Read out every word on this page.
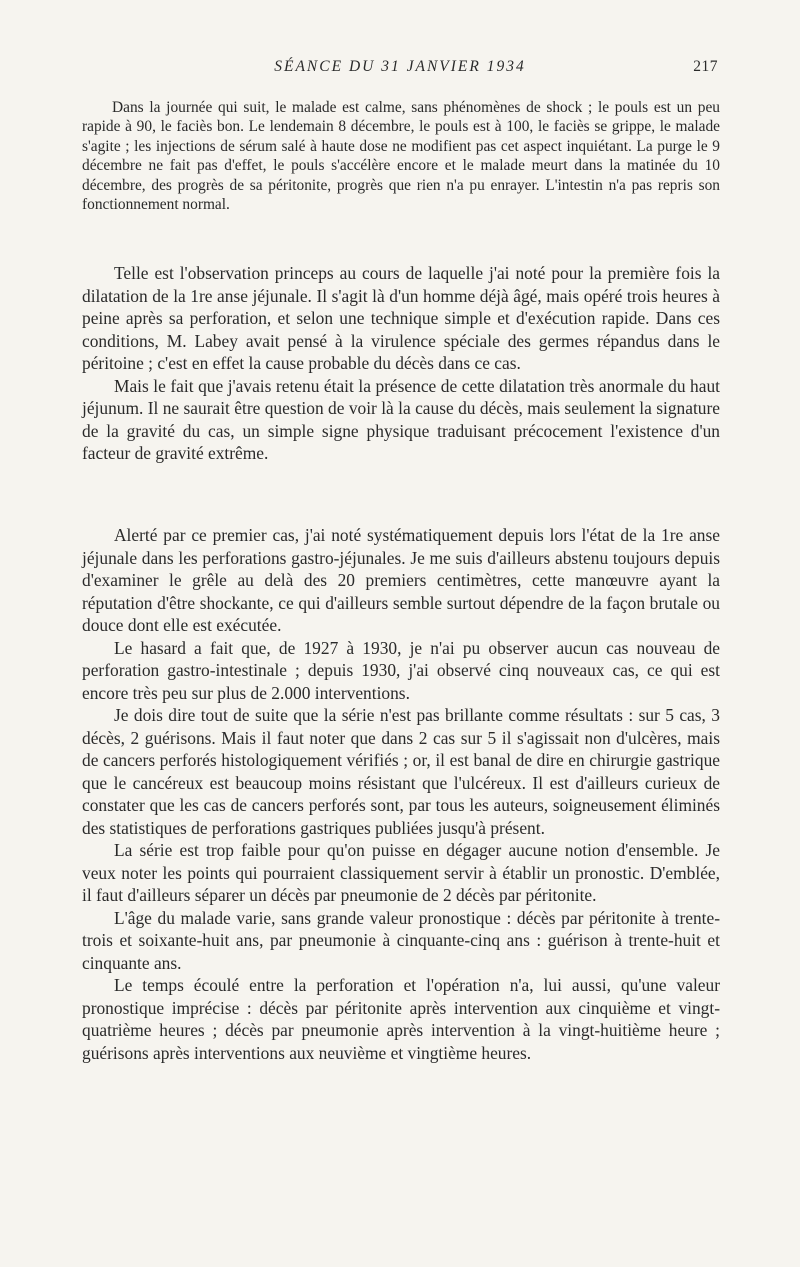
SÉANCE DU 31 JANVIER 1934	217

Dans la journée qui suit, le malade est calme, sans phénomènes de shock ; le pouls est un peu rapide à 90, le faciès bon. Le lendemain 8 décembre, le pouls est à 100, le faciès se grippe, le malade s'agite ; les injections de sérum salé à haute dose ne modifient pas cet aspect inquiétant. La purge le 9 décembre ne fait pas d'effet, le pouls s'accélère encore et le malade meurt dans la matinée du 10 décembre, des progrès de sa péritonite, progrès que rien n'a pu enrayer. L'intestin n'a pas repris son fonctionnement normal.

Telle est l'observation princeps au cours de laquelle j'ai noté pour la première fois la dilatation de la 1re anse jéjunale. Il s'agit là d'un homme déjà âgé, mais opéré trois heures à peine après sa perforation, et selon une technique simple et d'exécution rapide. Dans ces conditions, M. Labey avait pensé à la virulence spéciale des germes répandus dans le péritoine ; c'est en effet la cause probable du décès dans ce cas.

Mais le fait que j'avais retenu était la présence de cette dilatation très anormale du haut jéjunum. Il ne saurait être question de voir là la cause du décès, mais seulement la signature de la gravité du cas, un simple signe physique traduisant précocement l'existence d'un facteur de gravité extrême.

Alerté par ce premier cas, j'ai noté systématiquement depuis lors l'état de la 1re anse jéjunale dans les perforations gastro-jéjunales. Je me suis d'ailleurs abstenu toujours depuis d'examiner le grêle au delà des 20 premiers centimètres, cette manœuvre ayant la réputation d'être shockante, ce qui d'ailleurs semble surtout dépendre de la façon brutale ou douce dont elle est exécutée.

Le hasard a fait que, de 1927 à 1930, je n'ai pu observer aucun cas nouveau de perforation gastro-intestinale ; depuis 1930, j'ai observé cinq nouveaux cas, ce qui est encore très peu sur plus de 2.000 interventions.

Je dois dire tout de suite que la série n'est pas brillante comme résultats : sur 5 cas, 3 décès, 2 guérisons. Mais il faut noter que dans 2 cas sur 5 il s'agissait non d'ulcères, mais de cancers perforés histologiquement vérifiés ; or, il est banal de dire en chirurgie gastrique que le cancéreux est beaucoup moins résistant que l'ulcéreux. Il est d'ailleurs curieux de constater que les cas de cancers perforés sont, par tous les auteurs, soigneusement éliminés des statistiques de perforations gastriques publiées jusqu'à présent.

La série est trop faible pour qu'on puisse en dégager aucune notion d'ensemble. Je veux noter les points qui pourraient classiquement servir à établir un pronostic. D'emblée, il faut d'ailleurs séparer un décès par pneumonie de 2 décès par péritonite.

L'âge du malade varie, sans grande valeur pronostique : décès par péritonite à trente-trois et soixante-huit ans, par pneumonie à cinquante-cinq ans : guérison à trente-huit et cinquante ans.

Le temps écoulé entre la perforation et l'opération n'a, lui aussi, qu'une valeur pronostique imprécise : décès par péritonite après intervention aux cinquième et vingt-quatrième heures ; décès par pneumonie après intervention à la vingt-huitième heure ; guérisons après interventions aux neuvième et vingtième heures.
